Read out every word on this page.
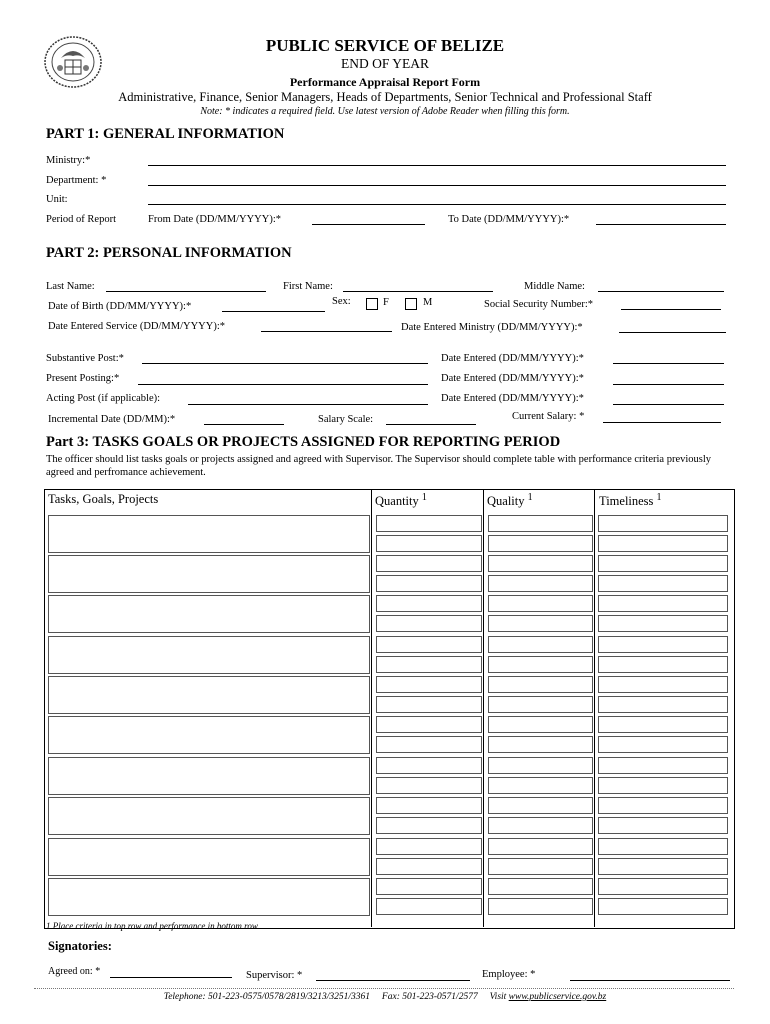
PUBLIC SERVICE OF BELIZE
END OF YEAR
Performance Appraisal Report Form
Administrative, Finance, Senior Managers, Heads of Departments, Senior Technical and Professional Staff
Note: * indicates a required field. Use latest version of Adobe Reader when filling this form.
PART 1: GENERAL INFORMATION
Ministry:*
Department: *
Unit:
Period of Report	From Date (DD/MM/YYYY):*	To Date (DD/MM/YYYY):*
PART 2: PERSONAL INFORMATION
Last Name:	First Name:	Middle Name:
Date of Birth (DD/MM/YYYY):*	Sex:	F	M	Social Security Number:*
Date Entered Service (DD/MM/YYYY):*	Date Entered Ministry (DD/MM/YYYY):*
Substantive Post:*	Date Entered (DD/MM/YYYY):*
Present Posting:*	Date Entered (DD/MM/YYYY):*
Acting Post (if applicable):	Date Entered (DD/MM/YYYY):*
Incremental Date (DD/MM):*	Salary Scale:	Current Salary: *
Part 3: TASKS GOALS OR PROJECTS ASSIGNED FOR REPORTING PERIOD
The officer should list tasks goals or projects assigned and agreed with Supervisor. The Supervisor should complete table with performance criteria previously agreed and perfromance achievement.
Tasks, Goals, Projects	Quantity $^1$	Quality $^1$	Timeliness $^1$
1 Place criteria in top row and performance in bottom row.
Signatories:
Agreed on: *	Supervisor: *	Employee: *
Telephone: 501-223-0575/0578/2819/3213/3251/3361 Fax: 501-223-0571/2577 Visit www.publicservice.gov.bz
